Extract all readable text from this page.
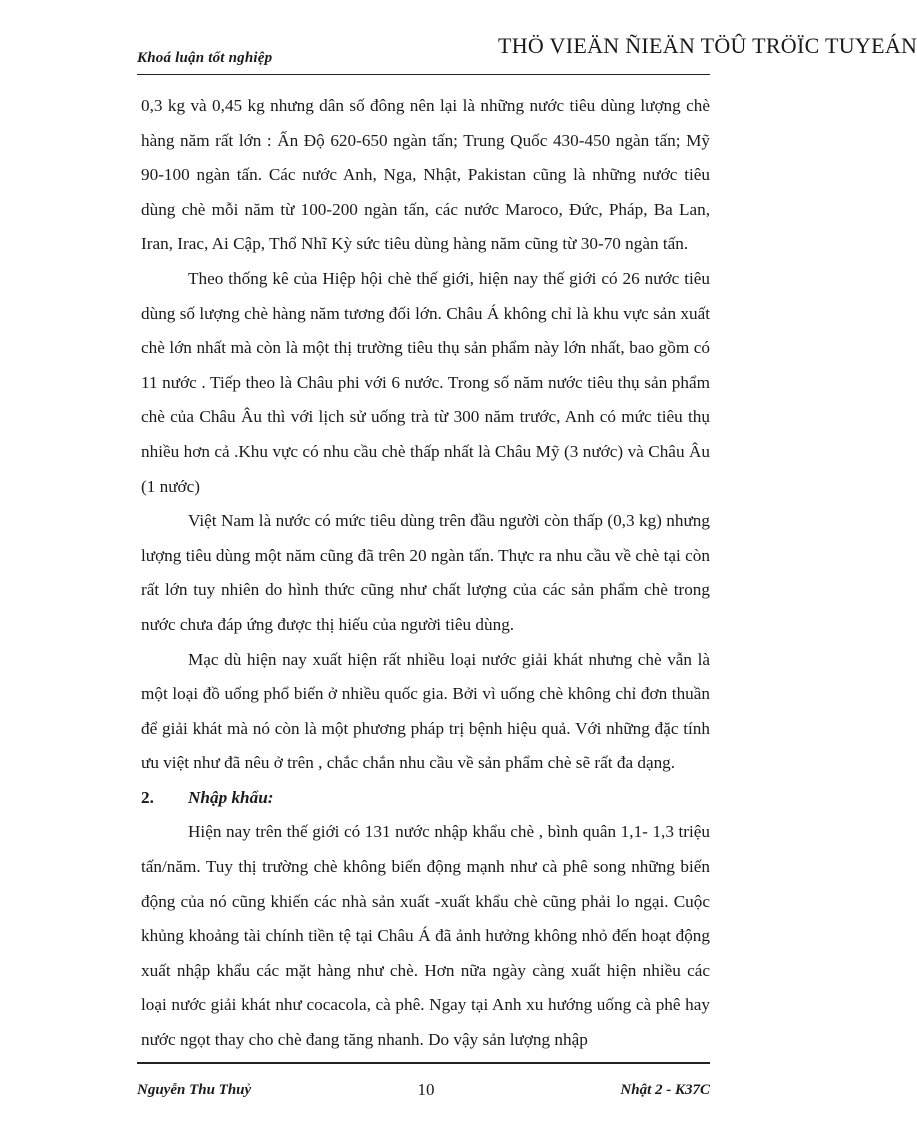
Khoá luận tốt nghiệp	THÖ VIEÄN ÑIEÄN TÖÛ TRÖÏC TUYEÁN

0,3 kg và 0,45 kg nhưng dân số đông nên lại là những nước tiêu dùng lượng chè hàng năm rất lớn : Ấn Độ 620-650 ngàn tấn; Trung Quốc 430-450 ngàn tấn; Mỹ 90-100 ngàn tấn. Các nước Anh, Nga, Nhật, Pakistan cũng là những nước tiêu dùng chè mỗi năm từ 100-200 ngàn tấn, các nước Maroco, Đức, Pháp, Ba Lan, Iran, Irac, Ai Cập, Thổ Nhĩ Kỳ sức tiêu dùng hàng năm cũng từ 30-70 ngàn tấn.

Theo thống kê của Hiệp hội chè thế giới, hiện nay thế giới có 26 nước tiêu dùng số lượng chè hàng năm tương đối lớn. Châu Á không chỉ là khu vực sản xuất chè lớn nhất mà còn là một thị trường tiêu thụ sản phẩm này lớn nhất, bao gồm có 11 nước . Tiếp theo là Châu phi với 6 nước. Trong số năm nước tiêu thụ sản phẩm chè của Châu Âu thì với lịch sử uống trà từ 300 năm trước, Anh có mức tiêu thụ nhiều hơn cả .Khu vực có nhu cầu chè thấp nhất là Châu Mỹ (3 nước) và Châu Âu (1 nước)

Việt Nam là nước có mức tiêu dùng trên đầu người còn thấp (0,3 kg) nhưng lượng tiêu dùng một năm cũng đã trên 20 ngàn tấn. Thực ra nhu cầu về chè tại còn rất lớn tuy nhiên do hình thức cũng như chất lượng của các sản phẩm chè trong nước chưa đáp ứng được thị hiếu của người tiêu dùng.

Mạc dù hiện nay xuất hiện rất nhiều loại nước giải khát nhưng chè vẫn là một loại đồ uống phổ biến ở nhiều quốc gia. Bởi vì uống chè không chỉ đơn thuần để giải khát mà nó còn là một phương pháp trị bệnh hiệu quả. Với những đặc tính ưu việt như đã nêu ở trên , chắc chắn nhu cầu về sản phẩm chè sẽ rất đa dạng.

2. Nhập khẩu:

Hiện nay trên thế giới có 131 nước nhập khẩu chè , bình quân 1,1- 1,3 triệu tấn/năm. Tuy thị trường chè không biến động mạnh như cà phê song những biến động của nó cũng khiến các nhà sản xuất -xuất khẩu chè cũng phải lo ngại. Cuộc khủng khoảng tài chính tiền tệ tại Châu Á đã ảnh hưởng không nhỏ đến hoạt động xuất nhập khẩu các mặt hàng như chè. Hơn nữa ngày càng xuất hiện nhiều các loại nước giải khát như cocacola, cà phê. Ngay tại Anh xu hướng uống cà phê hay nước ngọt thay cho chè đang tăng nhanh. Do vậy sản lượng nhập

Nguyễn Thu Thuỷ	10	Nhật 2 - K37C
